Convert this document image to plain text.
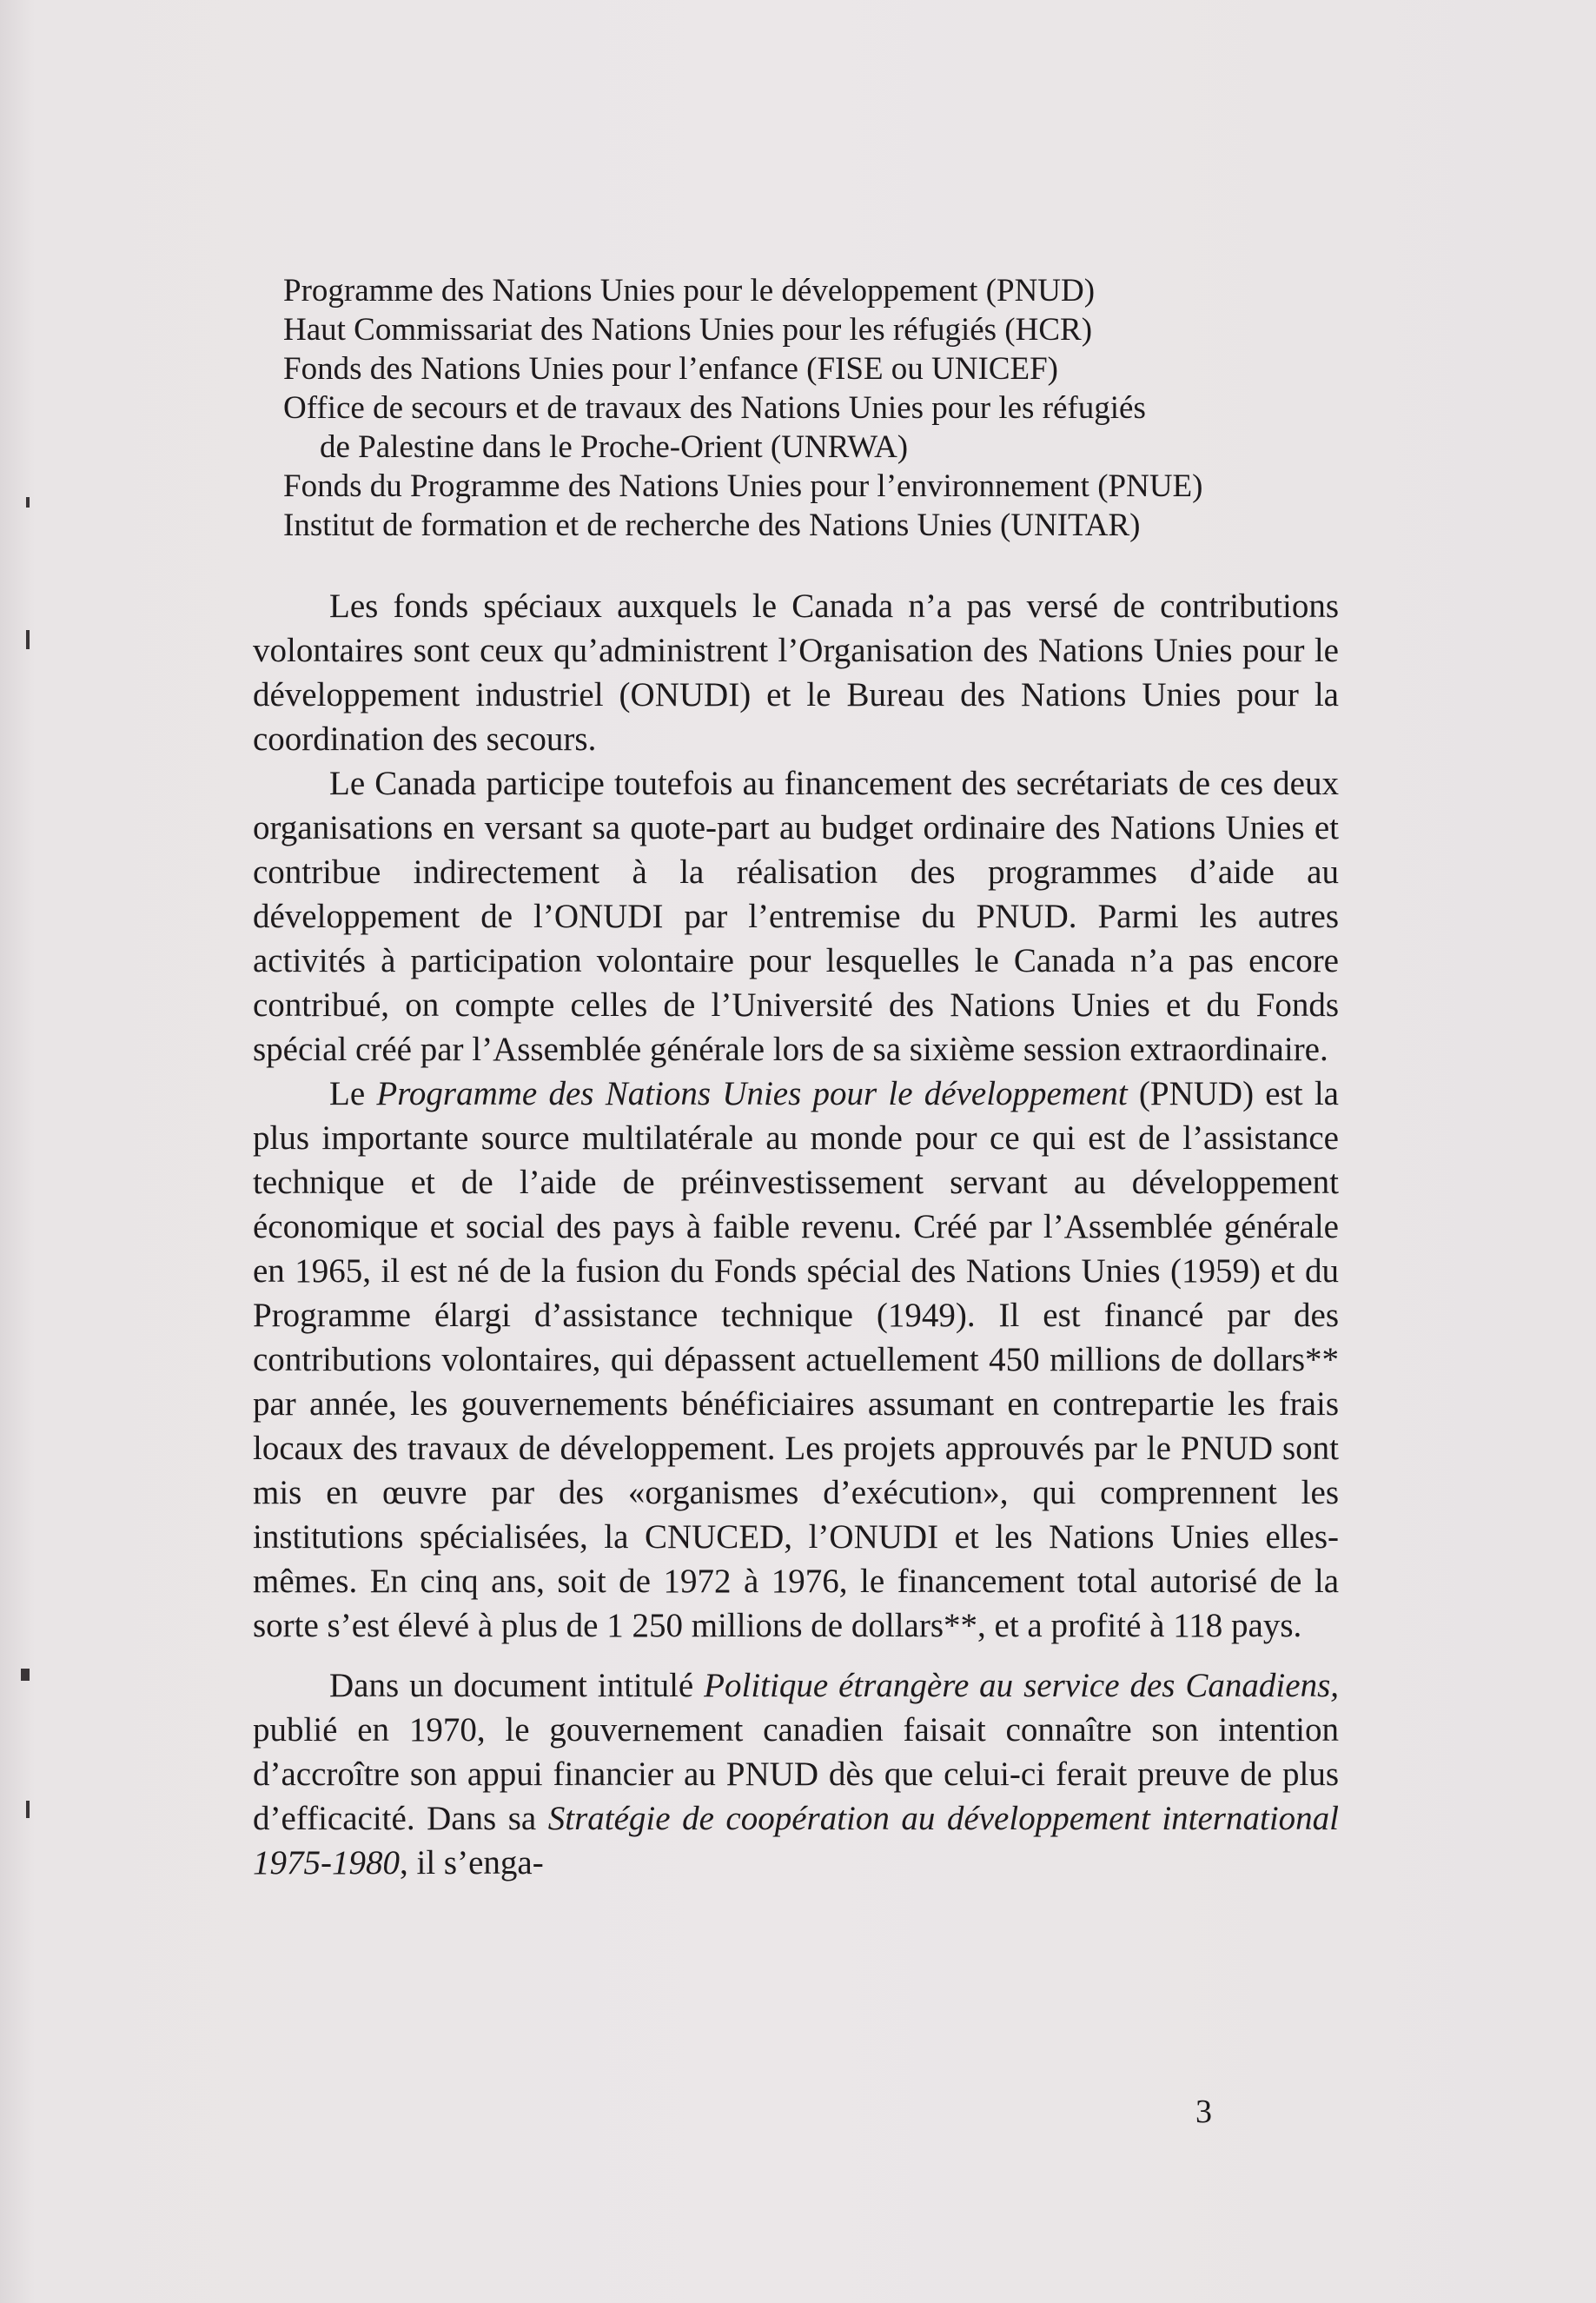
Programme des Nations Unies pour le développement (PNUD)
Haut Commissariat des Nations Unies pour les réfugiés (HCR)
Fonds des Nations Unies pour l’enfance (FISE ou UNICEF)
Office de secours et de travaux des Nations Unies pour les réfugiés
de Palestine dans le Proche-Orient (UNRWA)
Fonds du Programme des Nations Unies pour l’environnement (PNUE)
Institut de formation et de recherche des Nations Unies (UNITAR)

Les fonds spéciaux auxquels le Canada n’a pas versé de contributions volontaires sont ceux qu’administrent l’Organisation des Nations Unies pour le développement industriel (ONUDI) et le Bureau des Nations Unies pour la coordination des secours.

Le Canada participe toutefois au financement des secrétariats de ces deux organisations en versant sa quote-part au budget ordinaire des Nations Unies et contribue indirectement à la réalisation des programmes d’aide au développement de l’ONUDI par l’entremise du PNUD. Parmi les autres activités à participation volontaire pour lesquelles le Canada n’a pas encore contribué, on compte celles de l’Université des Nations Unies et du Fonds spécial créé par l’Assemblée générale lors de sa sixième session extraordinaire.

Le Programme des Nations Unies pour le développement (PNUD) est la plus importante source multilatérale au monde pour ce qui est de l’assistance technique et de l’aide de préinvestissement servant au développement économique et social des pays à faible revenu. Créé par l’Assemblée générale en 1965, il est né de la fusion du Fonds spécial des Nations Unies (1959) et du Programme élargi d’assistance technique (1949). Il est financé par des contributions volontaires, qui dépassent actuellement 450 millions de dollars** par année, les gouvernements bénéficiaires assumant en contrepartie les frais locaux des travaux de développement. Les projets approuvés par le PNUD sont mis en œuvre par des «organismes d’exécution», qui comprennent les institutions spécialisées, la CNUCED, l’ONUDI et les Nations Unies elles-mêmes. En cinq ans, soit de 1972 à 1976, le financement total autorisé de la sorte s’est élevé à plus de 1 250 millions de dollars**, et a profité à 118 pays.

Dans un document intitulé Politique étrangère au service des Canadiens, publié en 1970, le gouvernement canadien faisait connaître son intention d’accroître son appui financier au PNUD dès que celui-ci ferait preuve de plus d’efficacité. Dans sa Stratégie de coopération au développement international 1975-1980, il s’enga-

3
